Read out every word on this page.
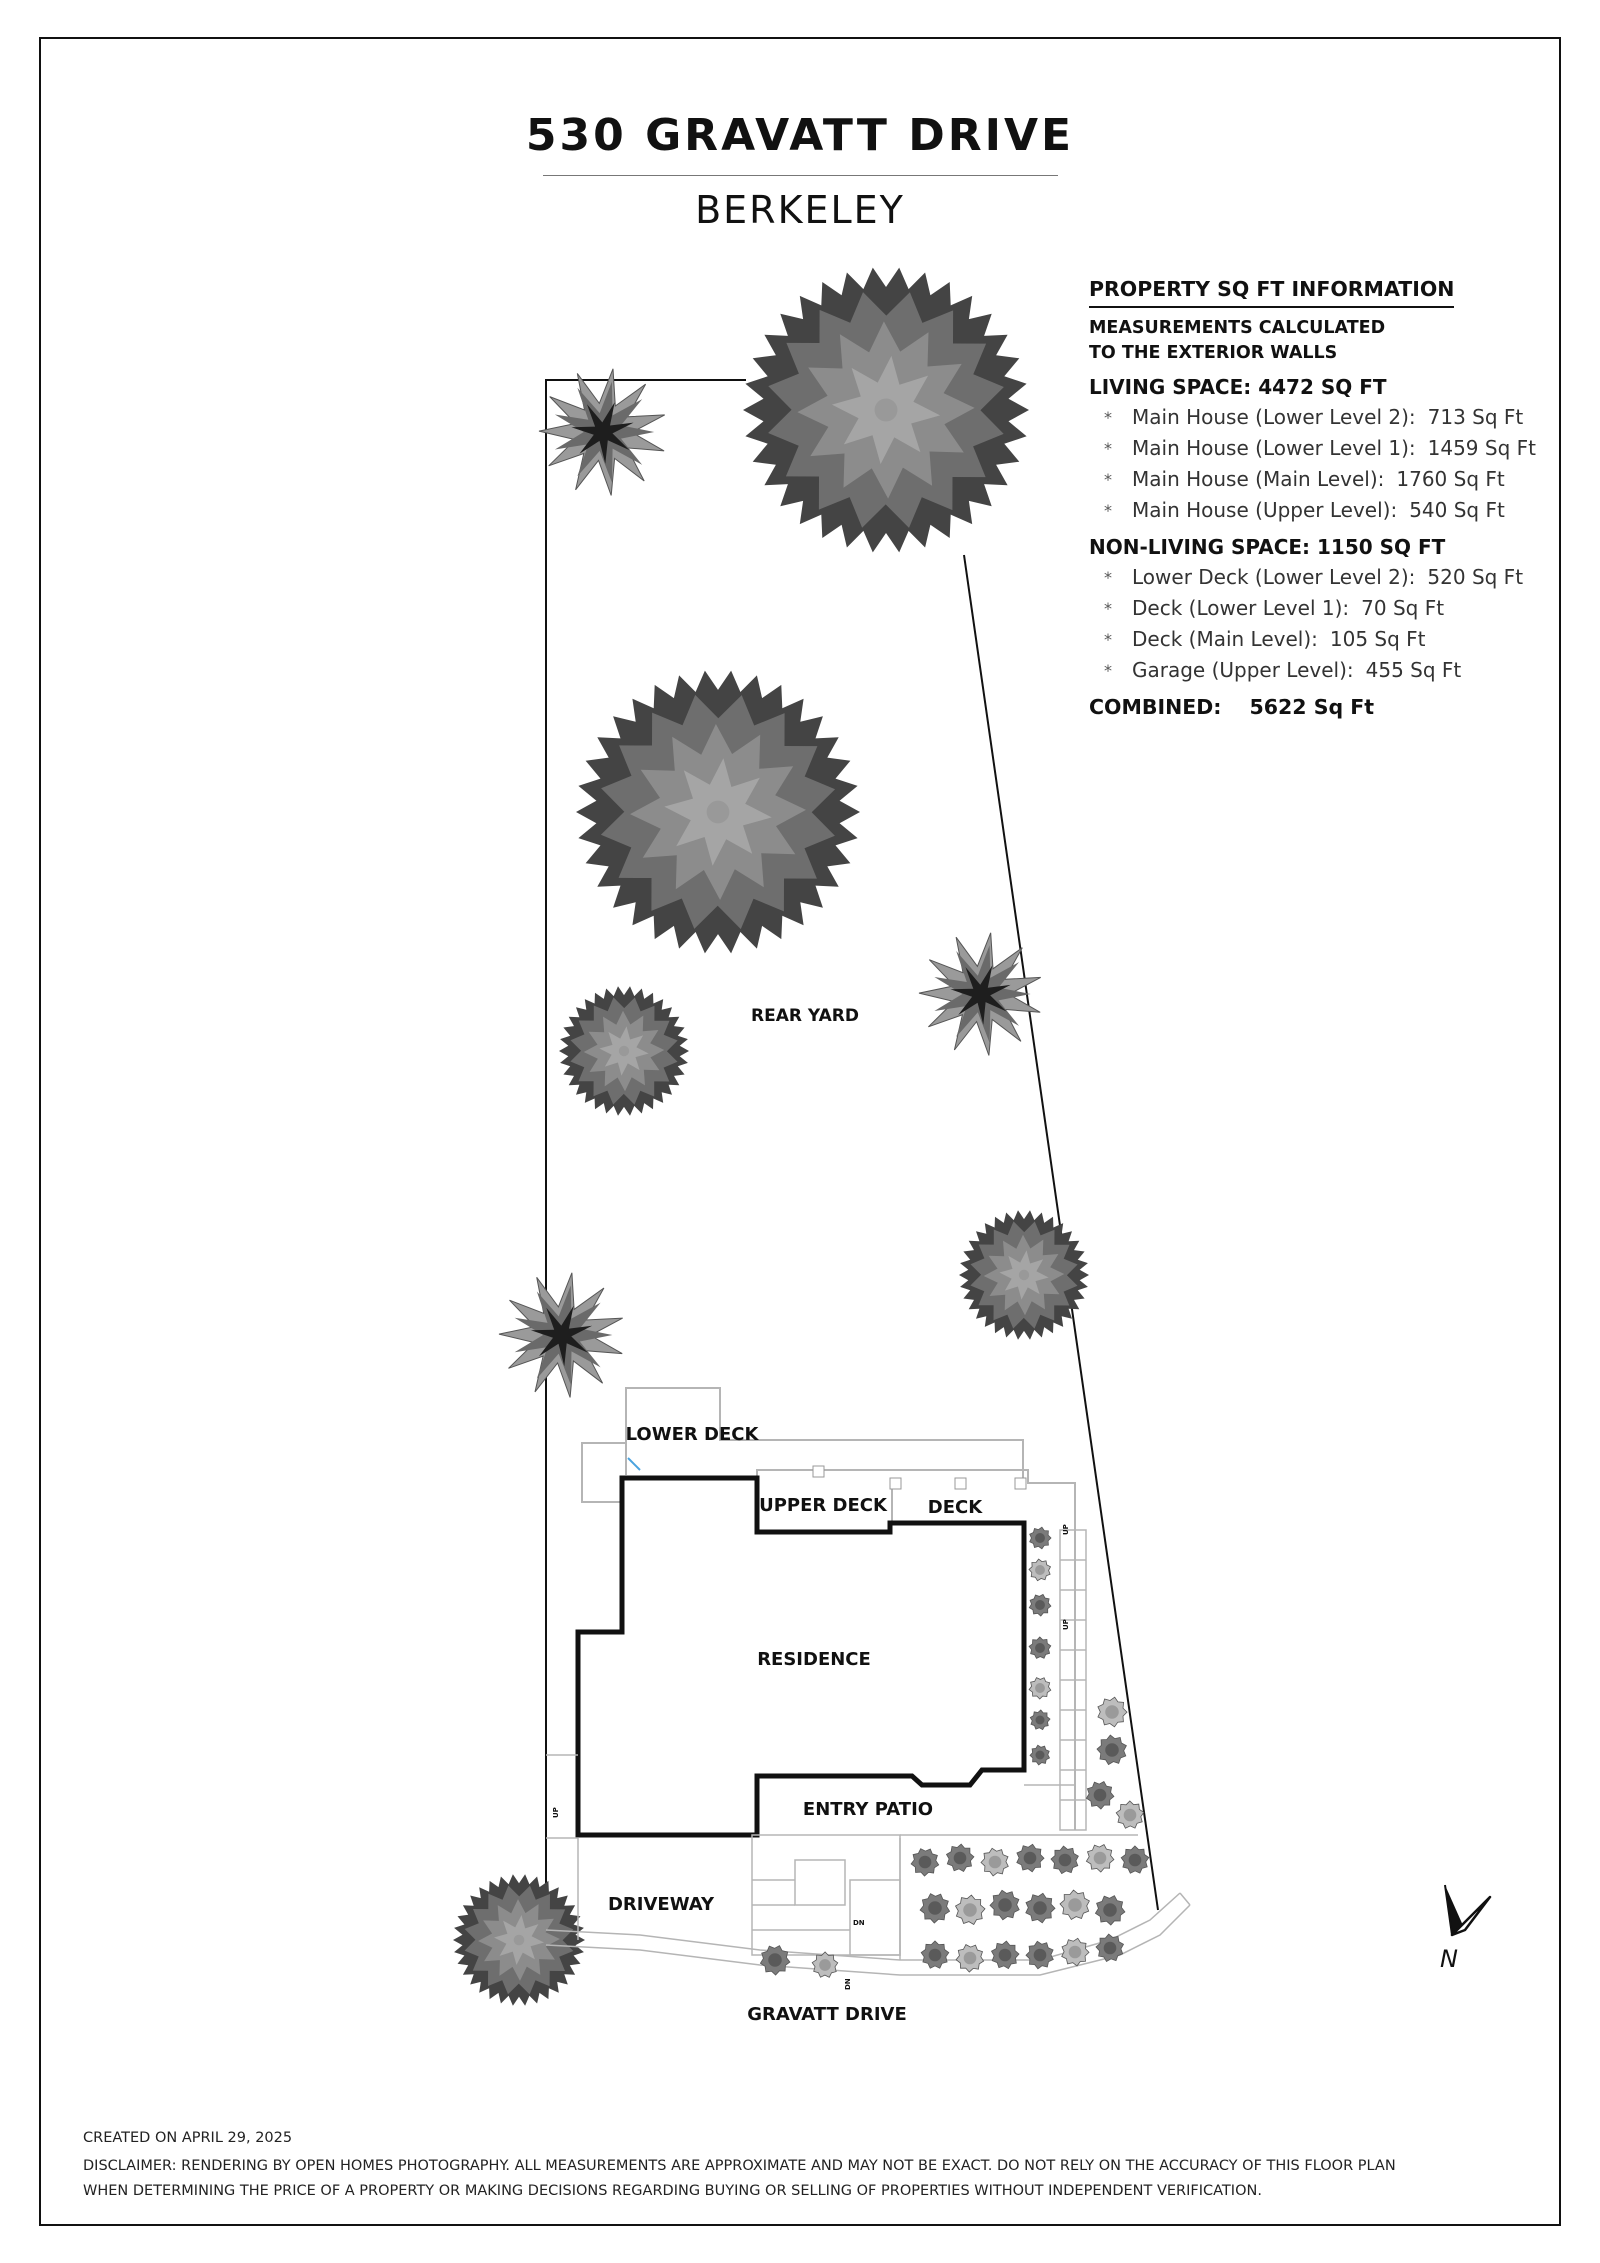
530 GRAVATT DRIVE
BERKELEY
PROPERTY SQ FT INFORMATION
MEASUREMENTS CALCULATED
TO THE EXTERIOR WALLS
LIVING SPACE: 4472 SQ FT
* Main House (Lower Level 2): 713 Sq Ft
* Main House (Lower Level 1): 1459 Sq Ft
* Main House (Main Level): 1760 Sq Ft
* Main House (Upper Level): 540 Sq Ft
NON-LIVING SPACE: 1150 SQ FT
* Lower Deck (Lower Level 2): 520 Sq Ft
* Deck (Lower Level 1): 70 Sq Ft
* Deck (Main Level): 105 Sq Ft
* Garage (Upper Level): 455 Sq Ft
COMBINED: 5622 Sq Ft
UP
UP
UP
DN
DN
REAR YARD
LOWER DECK
UPPER DECK DECK
RESIDENCE
ENTRY PATIO
DRIVEWAY
GRAVATT DRIVE
N
CREATED ON APRIL 29, 2025
DISCLAIMER: RENDERING BY OPEN HOMES PHOTOGRAPHY. ALL MEASUREMENTS ARE APPROXIMATE AND MAY NOT BE EXACT. DO NOT RELY ON THE ACCURACY OF THIS FLOOR PLAN
WHEN DETERMINING THE PRICE OF A PROPERTY OR MAKING DECISIONS REGARDING BUYING OR SELLING OF PROPERTIES WITHOUT INDEPENDENT VERIFICATION.
